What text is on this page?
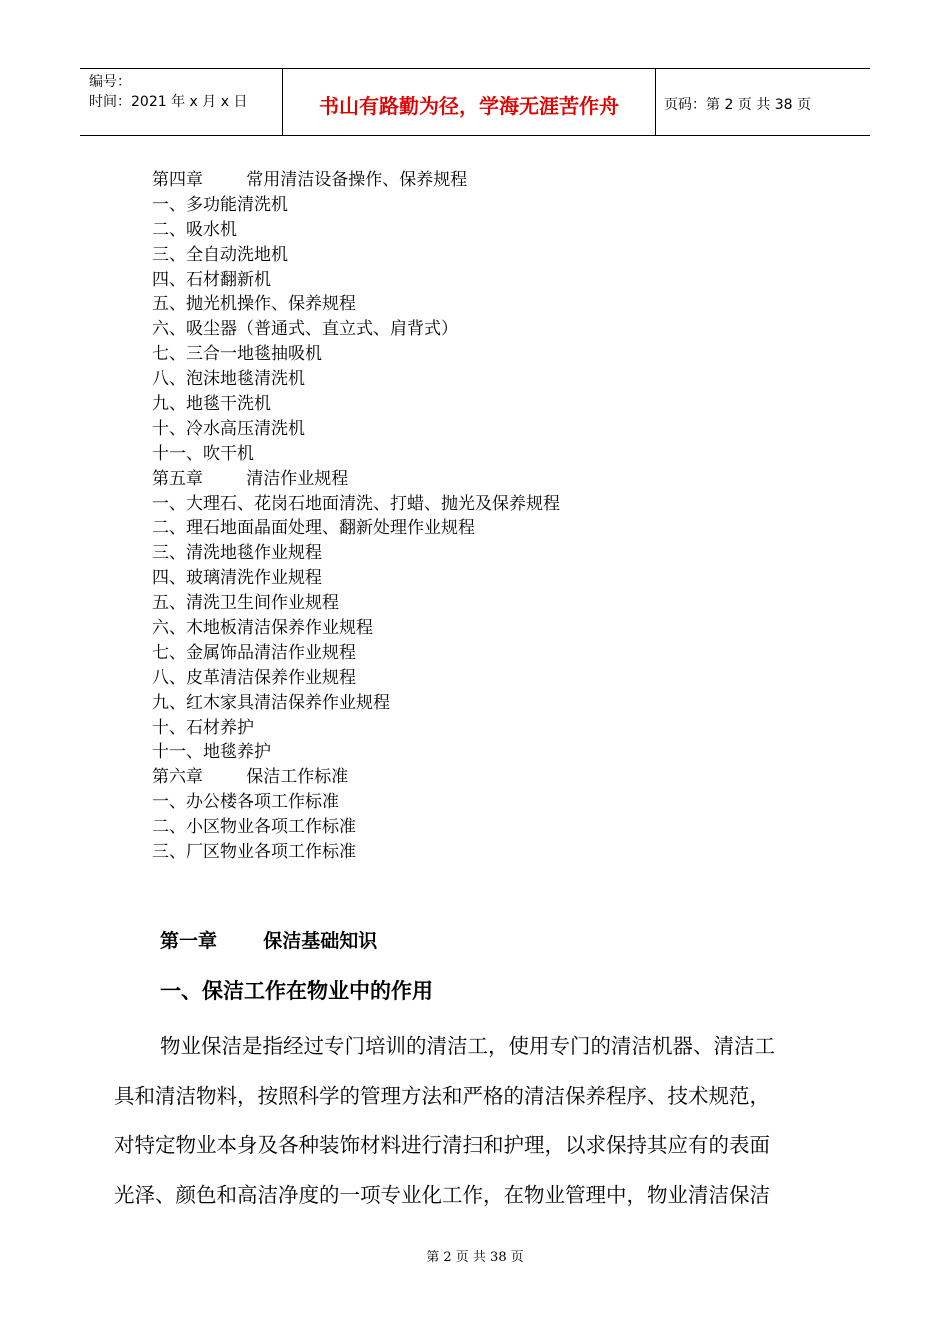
编号：
时间：2021 年 x 月 x 日	书山有路勤为径，学海无涯苦作舟	页码：第 2 页 共 38 页
第四章        常用清洁设备操作、保养规程
一、多功能清洗机
二、吸水机
三、全自动洗地机
四、石材翻新机
五、抛光机操作、保养规程
六、吸尘器（普通式、直立式、肩背式）
七、三合一地毯抽吸机
八、泡沫地毯清洗机
九、地毯干洗机
十、冷水高压清洗机
十一、吹干机
第五章        清洁作业规程
一、大理石、花岗石地面清洗、打蜡、抛光及保养规程
二、理石地面晶面处理、翻新处理作业规程
三、清洗地毯作业规程
四、玻璃清洗作业规程
五、清洗卫生间作业规程
六、木地板清洁保养作业规程
七、金属饰品清洁作业规程
八、皮革清洁保养作业规程
九、红木家具清洁保养作业规程
十、石材养护
十一、地毯养护
第六章        保洁工作标准
一、办公楼各项工作标准
二、小区物业各项工作标准
三、厂区物业各项工作标准
第一章       保洁基础知识
一、保洁工作在物业中的作用
物业保洁是指经过专门培训的清洁工，使用专门的清洁机器、清洁工
具和清洁物料，按照科学的管理方法和严格的清洁保养程序、技术规范，
对特定物业本身及各种装饰材料进行清扫和护理，以求保持其应有的表面
光泽、颜色和高洁净度的一项专业化工作，在物业管理中，物业清洁保洁
第 2 页 共 38 页
